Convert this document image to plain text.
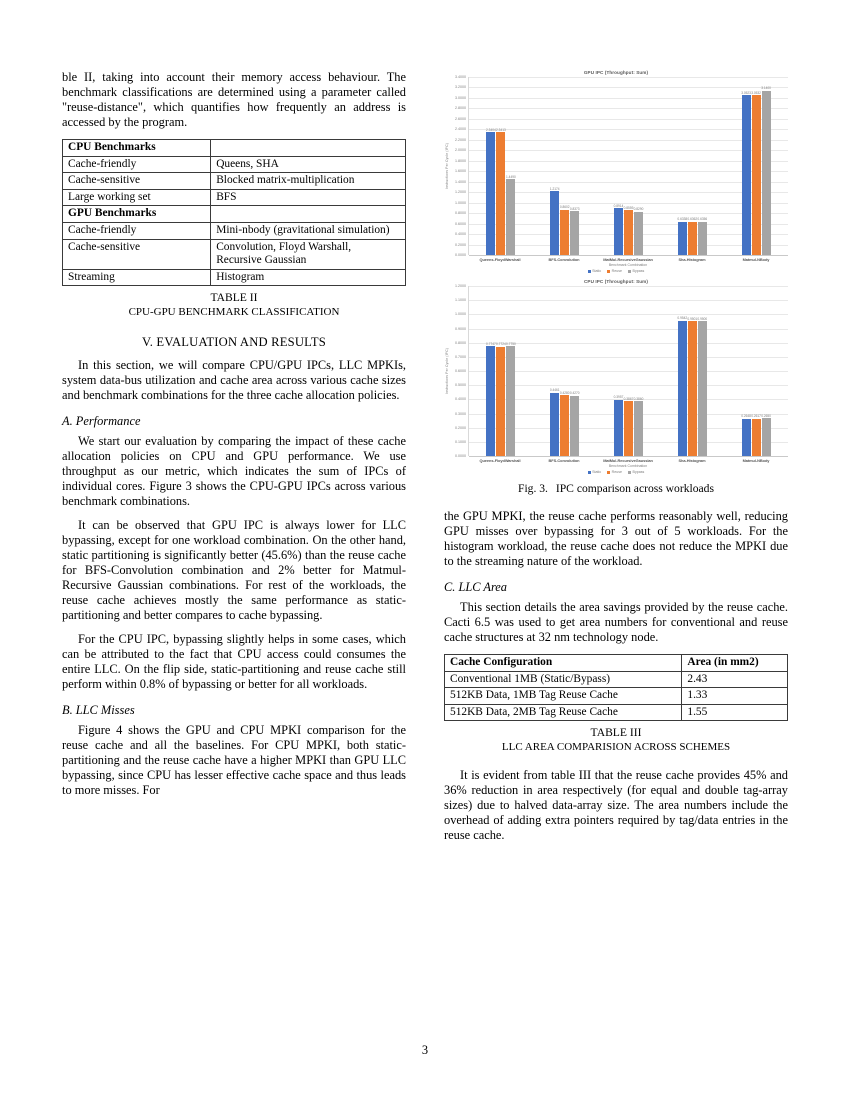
ble II, taking into account their memory access behaviour. The benchmark classifications are determined using a parameter called "reuse-distance", which quantifies how frequently an address is accessed by the program.

CPU Benchmarks	
Cache-friendly	Queens, SHA
Cache-sensitive	Blocked matrix-multiplication
Large working set	BFS
GPU Benchmarks	
Cache-friendly	Mini-nbody (gravitational simulation)
Cache-sensitive	Convolution, Floyd Warshall,
Recursive Gaussian
Streaming	Histogram
TABLE II
CPU-GPU BENCHMARK CLASSIFICATION
V. EVALUATION AND RESULTS

In this section, we will compare CPU/GPU IPCs, LLC MPKIs, system data-bus utilization and cache area across various cache sizes and benchmark combinations for the three cache allocation policies.

A. Performance

We start our evaluation by comparing the impact of these cache allocation policies on CPU and GPU performance. We use throughput as our metric, which indicates the sum of IPCs of individual cores. Figure 3 shows the CPU-GPU IPCs across various benchmark combinations.

It can be observed that GPU IPC is always lower for LLC bypassing, except for one workload combination. On the other hand, static partitioning is significantly better (45.6%) than the reuse cache for BFS-Convolution combination and 2% better for Matmul-Recursive Gaussian combinations. For rest of the workloads, the reuse cache achieves mostly the same performance as static-partitioning and better compares to cache bypassing.

For the CPU IPC, bypassing slightly helps in some cases, which can be attributed to the fact that CPU access could consumes the entire LLC. On the flip side, static-partitioning and reuse cache still perform within 0.8% of bypassing or better for all workloads.

B. LLC Misses

Figure 4 shows the GPU and CPU MPKI comparison for the reuse cache and all the baselines. For CPU MPKI, both static-partitioning and the reuse cache have a higher MPKI than GPU LLC bypassing, since CPU has lesser effective cache space and thus leads to more misses. For

GPU IPC (Throughput: Sum)
Instructions Per Cycle (IPC)
0.0000
0.2000
0.4000
0.6000
0.8000
1.0000
1.2000
1.4000
1.6000
1.8000
2.0000
2.2000
2.4000
2.6000
2.8000
3.0000
3.2000
3.4000
2.3404 2.3413
1.4490
1.2174
0.8602 0.8373
0.8914 0.8559 0.8290
0.6338 0.6362 0.6356
3.0523 3.0532
3.1400
Queens-FloydWarshall	BFS-Convolution	MatMul-RecursiveGaussian	Sha-Histogram	Matmul-NBody
Benchmark Combination
Static	Reuse	Bypass
CPU IPC (Throughput: Sum)
Instructions Per Cycle (IPC)
0.0000
0.1000
0.2000
0.3000
0.4000
0.5000
0.6000
0.7000
0.8000
0.9000
1.0000
1.1000
1.2000
0.7747 0.7724 0.7750
0.4461
0.4280 0.4270
0.3957 0.3867 0.3860
0.9542 0.9501 0.9500
0.2648 0.2617 0.2650
Queens-FloydWarshall	BFS-Convolution	MatMul-RecursiveGaussian	Sha-Histogram	Matmul-NBody
Benchmark Combination
Static	Reuse	Bypass
Fig. 3. IPC comparison across workloads

the GPU MPKI, the reuse cache performs reasonably well, reducing GPU misses over bypassing for 3 out of 5 workloads. For the histogram workload, the reuse cache does not reduce the MPKI due to the streaming nature of the workload.

C. LLC Area

This section details the area savings provided by the reuse cache. Cacti 6.5 was used to get area numbers for conventional and reuse cache structures at 32 nm technology node.

Cache Configuration	Area (in mm2)
Conventional 1MB (Static/Bypass)	2.43
512KB Data, 1MB Tag Reuse Cache	1.33
512KB Data, 2MB Tag Reuse Cache	1.55
TABLE III
LLC AREA COMPARISION ACROSS SCHEMES

It is evident from table III that the reuse cache provides 45% and 36% reduction in area respectively (for equal and double tag-array sizes) due to halved data-array size. The area numbers include the overhead of adding extra pointers required by tag/data entries in the reuse cache.

3
